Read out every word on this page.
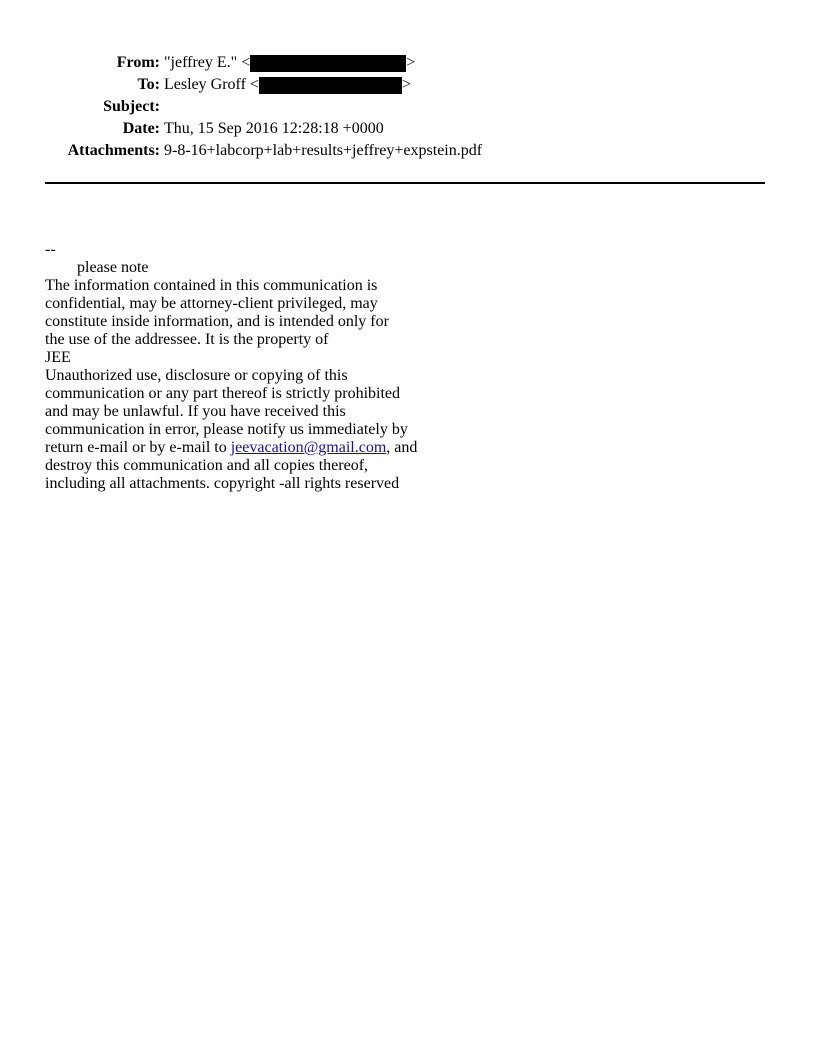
From: "jeffrey E."
<	>
To: Lesley Groff
<	>
Subject:
Date: Thu, 15 Sep 2016 12:28:18 +0000
Attachments: 9-8-16+labcorp+lab+results+jeffrey+expstein.pdf
--
please note
The information contained in this communication is
confidential, may be attorney-client privileged, may
constitute inside information, and is intended only for
the use of the addressee. It is the property of
JEE
Unauthorized use, disclosure or copying of this
communication or any part thereof is strictly prohibited
and may be unlawful. If you have received this
communication in error, please notify us immediately by
return e-mail or by e-mail to jeevacation@gmail.com, and
destroy this communication and all copies thereof,
including all attachments. copyright -all rights reserved
